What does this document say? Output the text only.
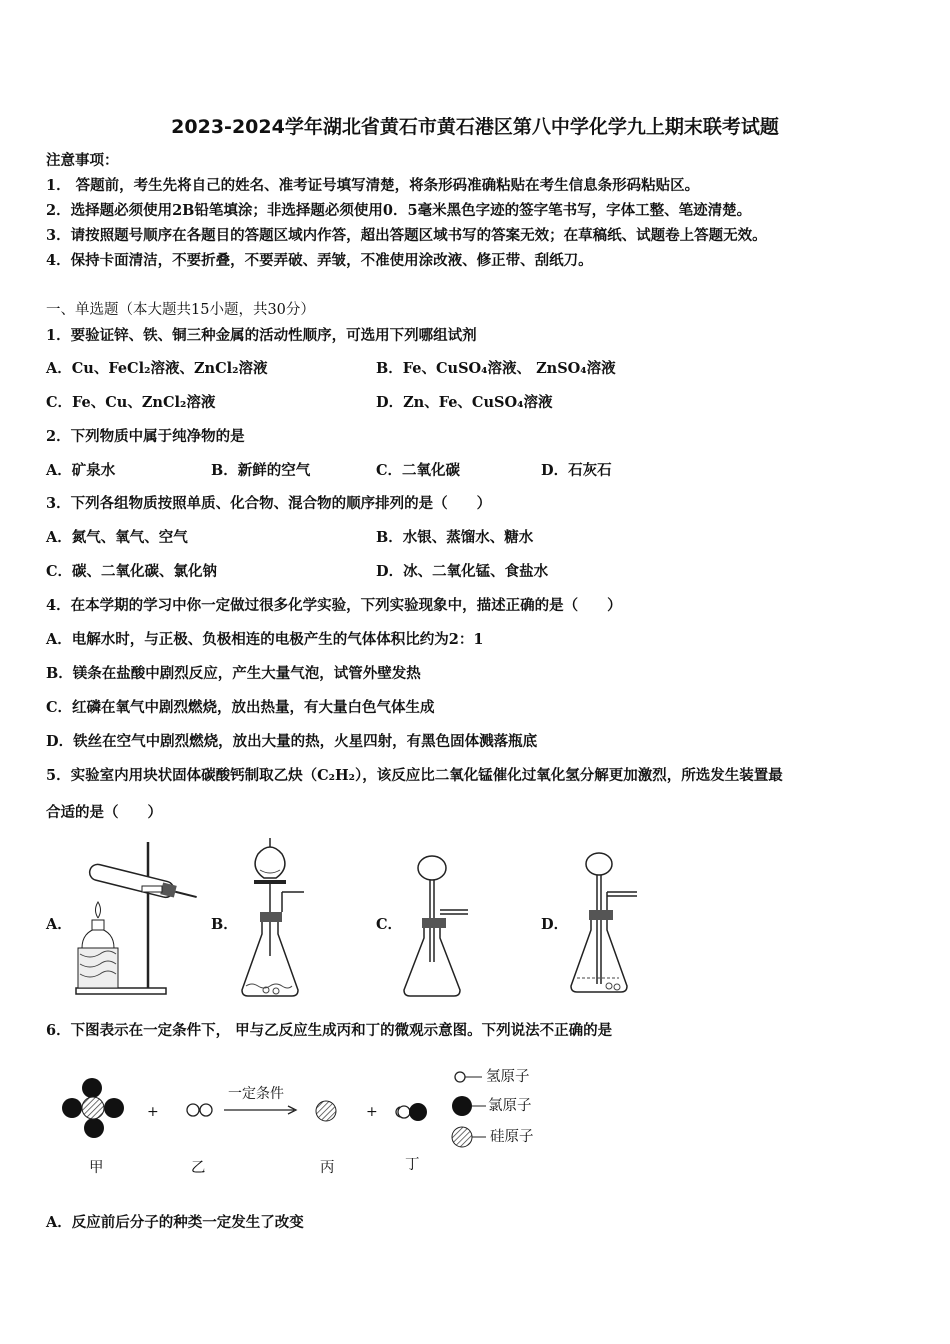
2023-2024学年湖北省黄石市黄石港区第八中学化学九上期末联考试题
注意事项：
1． 答题前，考生先将自己的姓名、准考证号填写清楚，将条形码准确粘贴在考生信息条形码粘贴区。
2．选择题必须使用2B铅笔填涂；非选择题必须使用0．5毫米黑色字迹的签字笔书写，字体工整、笔迹清楚。
3．请按照题号顺序在各题目的答题区域内作答，超出答题区域书写的答案无效；在草稿纸、试题卷上答题无效。
4．保持卡面清洁，不要折叠，不要弄破、弄皱，不准使用涂改液、修正带、刮纸刀。
一、单选题（本大题共15小题，共30分）
1．要验证锌、铁、铜三种金属的活动性顺序，可选用下列哪组试剂
A．Cu、FeCl₂溶液、ZnCl₂溶液	B．Fe、CuSO₄溶液、 ZnSO₄溶液
C．Fe、Cu、ZnCl₂溶液	D．Zn、Fe、CuSO₄溶液
2．下列物质中属于纯净物的是
A．矿泉水	B．新鲜的空气	C．二氧化碳	D．石灰石
3．下列各组物质按照单质、化合物、混合物的顺序排列的是（　　）
A．氮气、氧气、空气	B．水银、蒸馏水、糖水
C．碳、二氧化碳、氯化钠	D．冰、二氧化锰、食盐水
4．在本学期的学习中你一定做过很多化学实验，下列实验现象中，描述正确的是（　　）
A．电解水时，与正极、负极相连的电极产生的气体体积比约为2：1
B．镁条在盐酸中剧烈反应，产生大量气泡，试管外壁发热
C．红磷在氧气中剧烈燃烧，放出热量，有大量白色气体生成
D．铁丝在空气中剧烈燃烧，放出大量的热，火星四射，有黑色固体溅落瓶底
5．实验室内用块状固体碳酸钙制取乙炔（C₂H₂），该反应比二氧化锰催化过氧化氢分解更加激烈，所选发生装置最
合适的是（　　）
A．	B．	C．	D．
6．下图表示在一定条件下， 甲与乙反应生成丙和丁的微观示意图。下列说法不正确的是
+	+
一定条件
甲	乙	丙	丁
氢原子
氯原子
硅原子
A．反应前后分子的种类一定发生了改变
